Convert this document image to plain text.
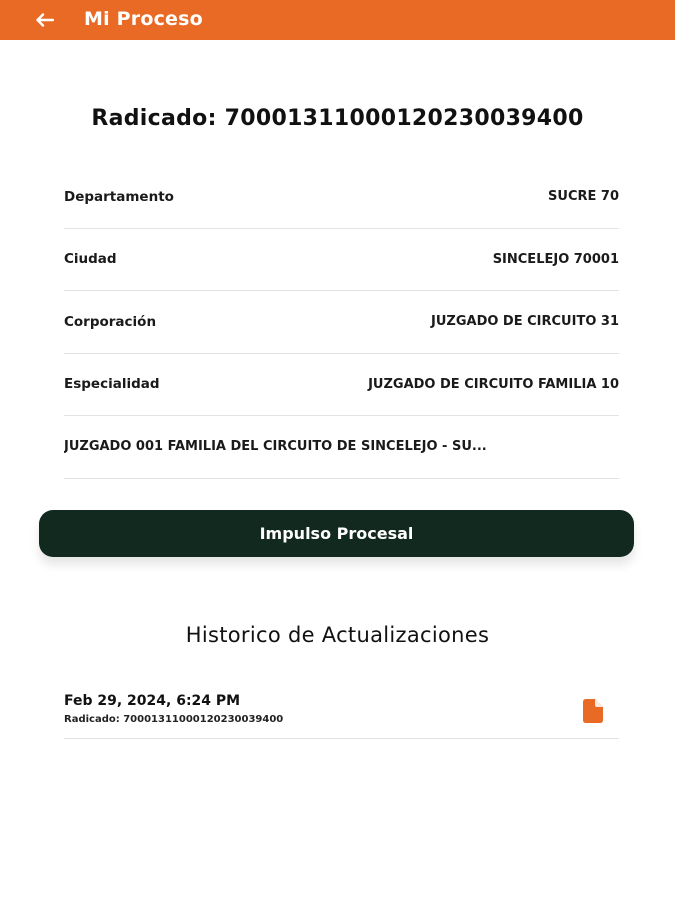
Mi Proceso
Radicado: 70001311000120230039400
Departamento	SUCRE 70
Ciudad	SINCELEJO 70001
Corporación	JUZGADO DE CIRCUITO 31
Especialidad	JUZGADO DE CIRCUITO FAMILIA 10
JUZGADO 001 FAMILIA DEL CIRCUITO DE SINCELEJO - SU...
Impulso Procesal
Historico de Actualizaciones
Feb 29, 2024, 6:24 PM
Radicado: 70001311000120230039400
